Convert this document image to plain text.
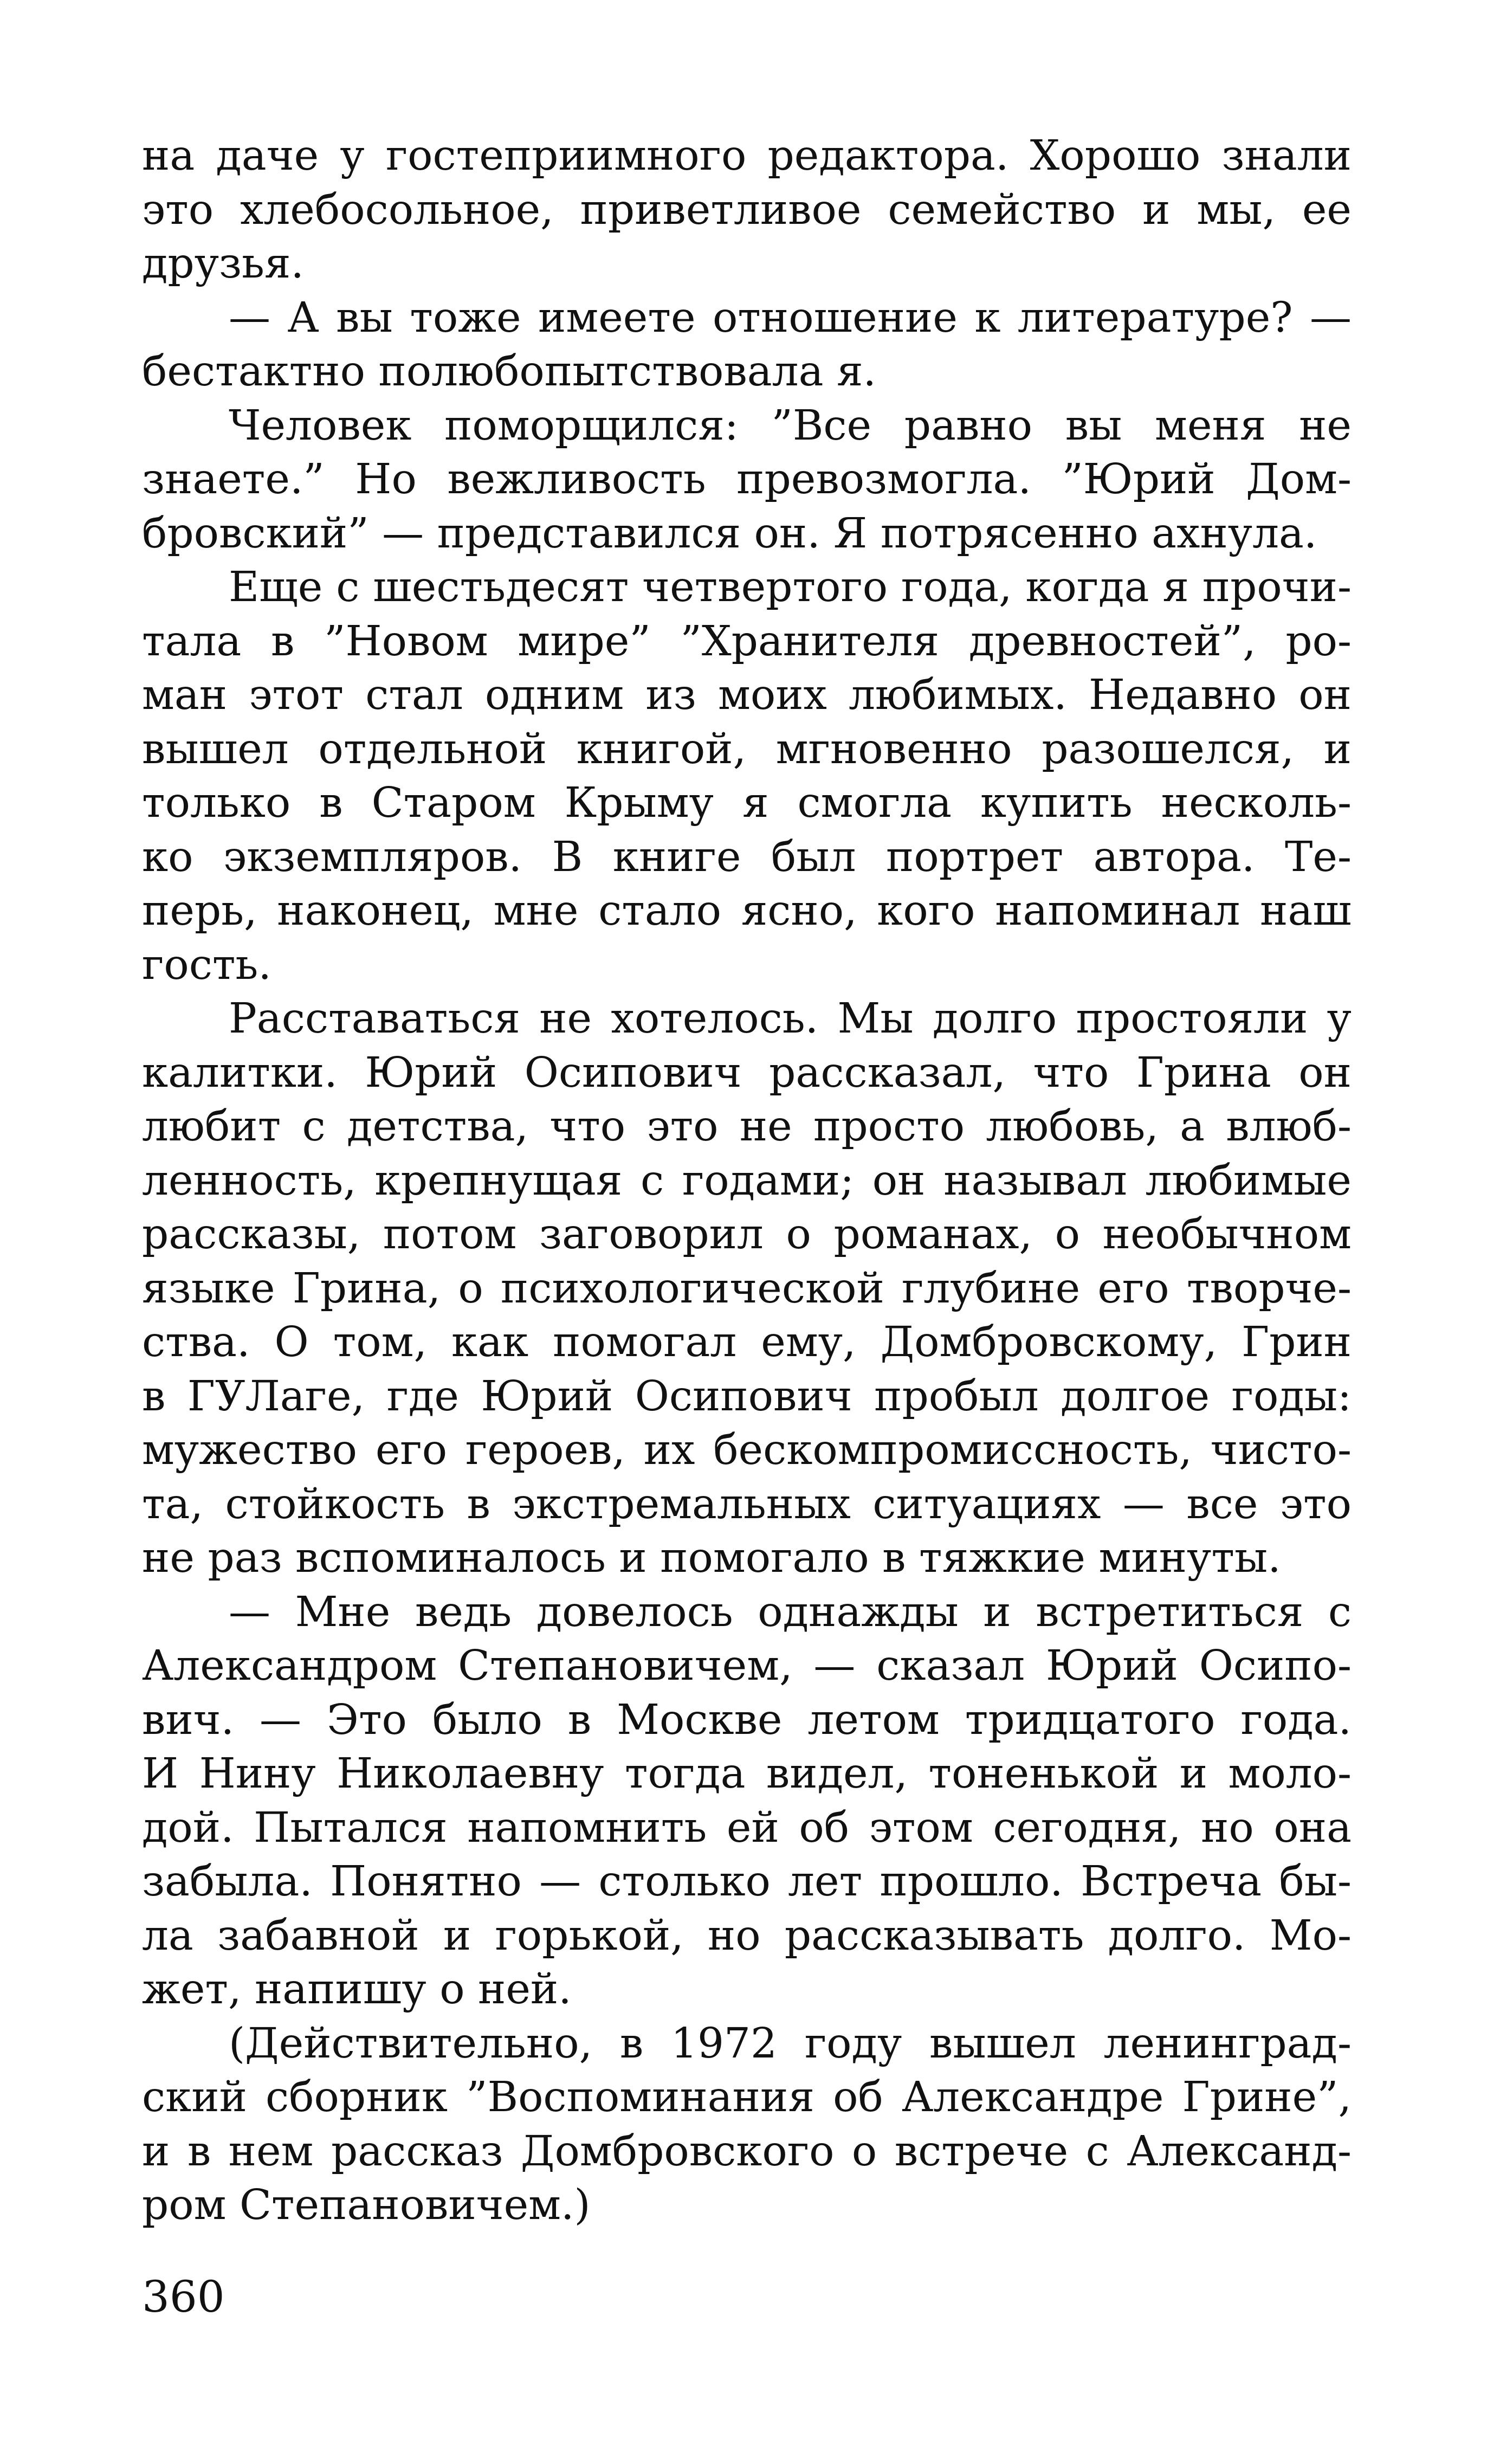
на даче у гостеприимного редактора. Хорошо знали
это хлебосольное, приветливое семейство и мы, ее
друзья.
— А вы тоже имеете отношение к литературе? —
бестактно полюбопытствовала я.
Человек поморщился: ”Все равно вы меня не
знаете.” Но вежливость превозмогла. ”Юрий Дом-
бровский” — представился он. Я потрясенно ахнула.
Еще с шестьдесят четвертого года, когда я прочи-
тала в ”Новом мире” ”Хранителя древностей”, ро-
ман этот стал одним из моих любимых. Недавно он
вышел отдельной книгой, мгновенно разошелся, и
только в Старом Крыму я смогла купить несколь-
ко экземпляров. В книге был портрет автора. Те-
перь, наконец, мне стало ясно, кого напоминал наш
гость.
Расставаться не хотелось. Мы долго простояли у
калитки. Юрий Осипович рассказал, что Грина он
любит с детства, что это не просто любовь, а влюб-
ленность, крепнущая с годами; он называл любимые
рассказы, потом заговорил о романах, о необычном
языке Грина, о психологической глубине его творче-
ства. О том, как помогал ему, Домбровскому, Грин
в ГУЛаге, где Юрий Осипович пробыл долгое годы:
мужество его героев, их бескомпромиссность, чисто-
та, стойкость в экстремальных ситуациях — все это
не раз вспоминалось и помогало в тяжкие минуты.
— Мне ведь довелось однажды и встретиться с
Александром Степановичем, — сказал Юрий Осипо-
вич. — Это было в Москве летом тридцатого года.
И Нину Николаевну тогда видел, тоненькой и моло-
дой. Пытался напомнить ей об этом сегодня, но она
забыла. Понятно — столько лет прошло. Встреча бы-
ла забавной и горькой, но рассказывать долго. Мо-
жет, напишу о ней.
(Действительно, в 1972 году вышел ленинград-
ский сборник ”Воспоминания об Александре Грине”,
и в нем рассказ Домбровского о встрече с Александ-
ром Степановичем.)
360
